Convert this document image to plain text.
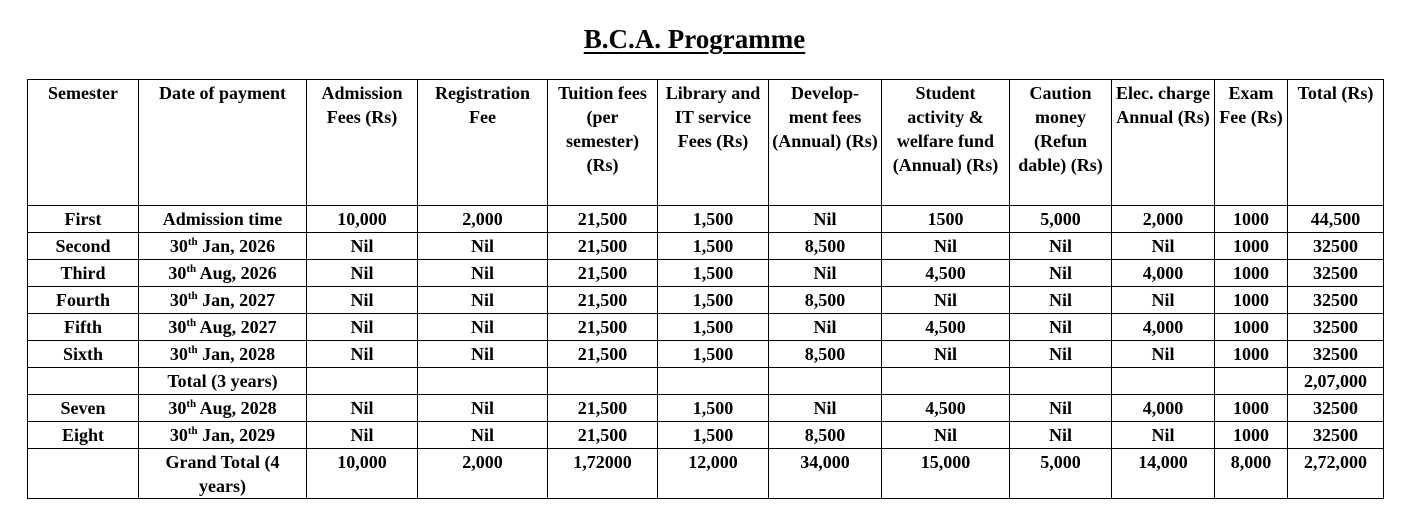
B.C.A. Programme
Semester	Date of payment	Admission Fees (Rs)	Registration Fee	Tuition fees (per semester) (Rs)	Library and IT service Fees (Rs)	Develop-ment fees (Annual) (Rs)	Student activity & welfare fund (Annual) (Rs)	Caution money (Refun dable) (Rs)	Elec. charge Annual (Rs)	Exam Fee (Rs)	Total (Rs)
First	Admission time	10,000	2,000	21,500	1,500	Nil	1500	5,000	2,000	1000	44,500
Second	30th Jan, 2026	Nil	Nil	21,500	1,500	8,500	Nil	Nil	Nil	1000	32500
Third	30th Aug, 2026	Nil	Nil	21,500	1,500	Nil	4,500	Nil	4,000	1000	32500
Fourth	30th Jan, 2027	Nil	Nil	21,500	1,500	8,500	Nil	Nil	Nil	1000	32500
Fifth	30th Aug, 2027	Nil	Nil	21,500	1,500	Nil	4,500	Nil	4,000	1000	32500
Sixth	30th Jan, 2028	Nil	Nil	21,500	1,500	8,500	Nil	Nil	Nil	1000	32500
	Total (3 years)										2,07,000
Seven	30th Aug, 2028	Nil	Nil	21,500	1,500	Nil	4,500	Nil	4,000	1000	32500
Eight	30th Jan, 2029	Nil	Nil	21,500	1,500	8,500	Nil	Nil	Nil	1000	32500
	Grand Total (4 years)	10,000	2,000	1,72000	12,000	34,000	15,000	5,000	14,000	8,000	2,72,000
